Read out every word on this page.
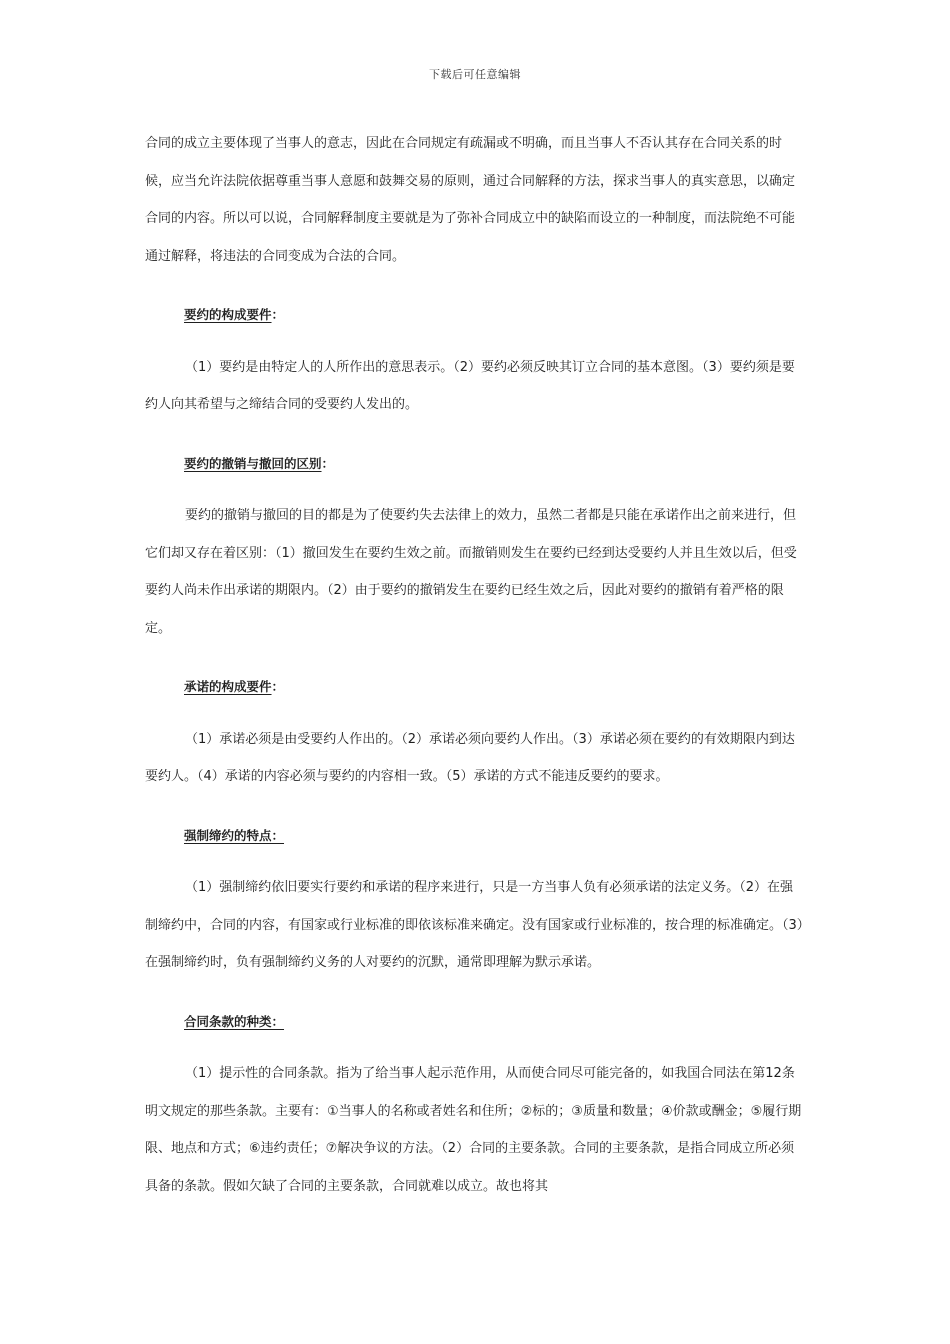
下载后可任意编辑

合同的成立主要体现了当事人的意志，因此在合同规定有疏漏或不明确，而且当事人不否认其存在合同关系的时候，应当允许法院依据尊重当事人意愿和鼓舞交易的原则，通过合同解释的方法，探求当事人的真实意思，以确定合同的内容。所以可以说，合同解释制度主要就是为了弥补合同成立中的缺陷而设立的一种制度，而法院绝不可能通过解释，将违法的合同变成为合法的合同。

要约的构成要件：

（1）要约是由特定人的人所作出的意思表示。（2）要约必须反映其订立合同的基本意图。（3）要约须是要约人向其希望与之缔结合同的受要约人发出的。

要约的撤销与撤回的区别：

要约的撤销与撤回的目的都是为了使要约失去法律上的效力，虽然二者都是只能在承诺作出之前来进行，但它们却又存在着区别：（1）撤回发生在要约生效之前。而撤销则发生在要约已经到达受要约人并且生效以后，但受要约人尚未作出承诺的期限内。（2）由于要约的撤销发生在要约已经生效之后，因此对要约的撤销有着严格的限定。

承诺的构成要件：

（1）承诺必须是由受要约人作出的。（2）承诺必须向要约人作出。（3）承诺必须在要约的有效期限内到达要约人。（4）承诺的内容必须与要约的内容相一致。（5）承诺的方式不能违反要约的要求。

强制缔约的特点：

（1）强制缔约依旧要实行要约和承诺的程序来进行，只是一方当事人负有必须承诺的法定义务。（2）在强制缔约中，合同的内容，有国家或行业标准的即依该标准来确定。没有国家或行业标准的，按合理的标准确定。（3）在强制缔约时，负有强制缔约义务的人对要约的沉默，通常即理解为默示承诺。

合同条款的种类：

（1）提示性的合同条款。指为了给当事人起示范作用，从而使合同尽可能完备的，如我国合同法在第12条明文规定的那些条款。主要有：①当事人的名称或者姓名和住所；②标的；③质量和数量；④价款或酬金；⑤履行期限、地点和方式；⑥违约责任；⑦解决争议的方法。（2）合同的主要条款。合同的主要条款，是指合同成立所必须具备的条款。假如欠缺了合同的主要条款，合同就难以成立。故也将其
